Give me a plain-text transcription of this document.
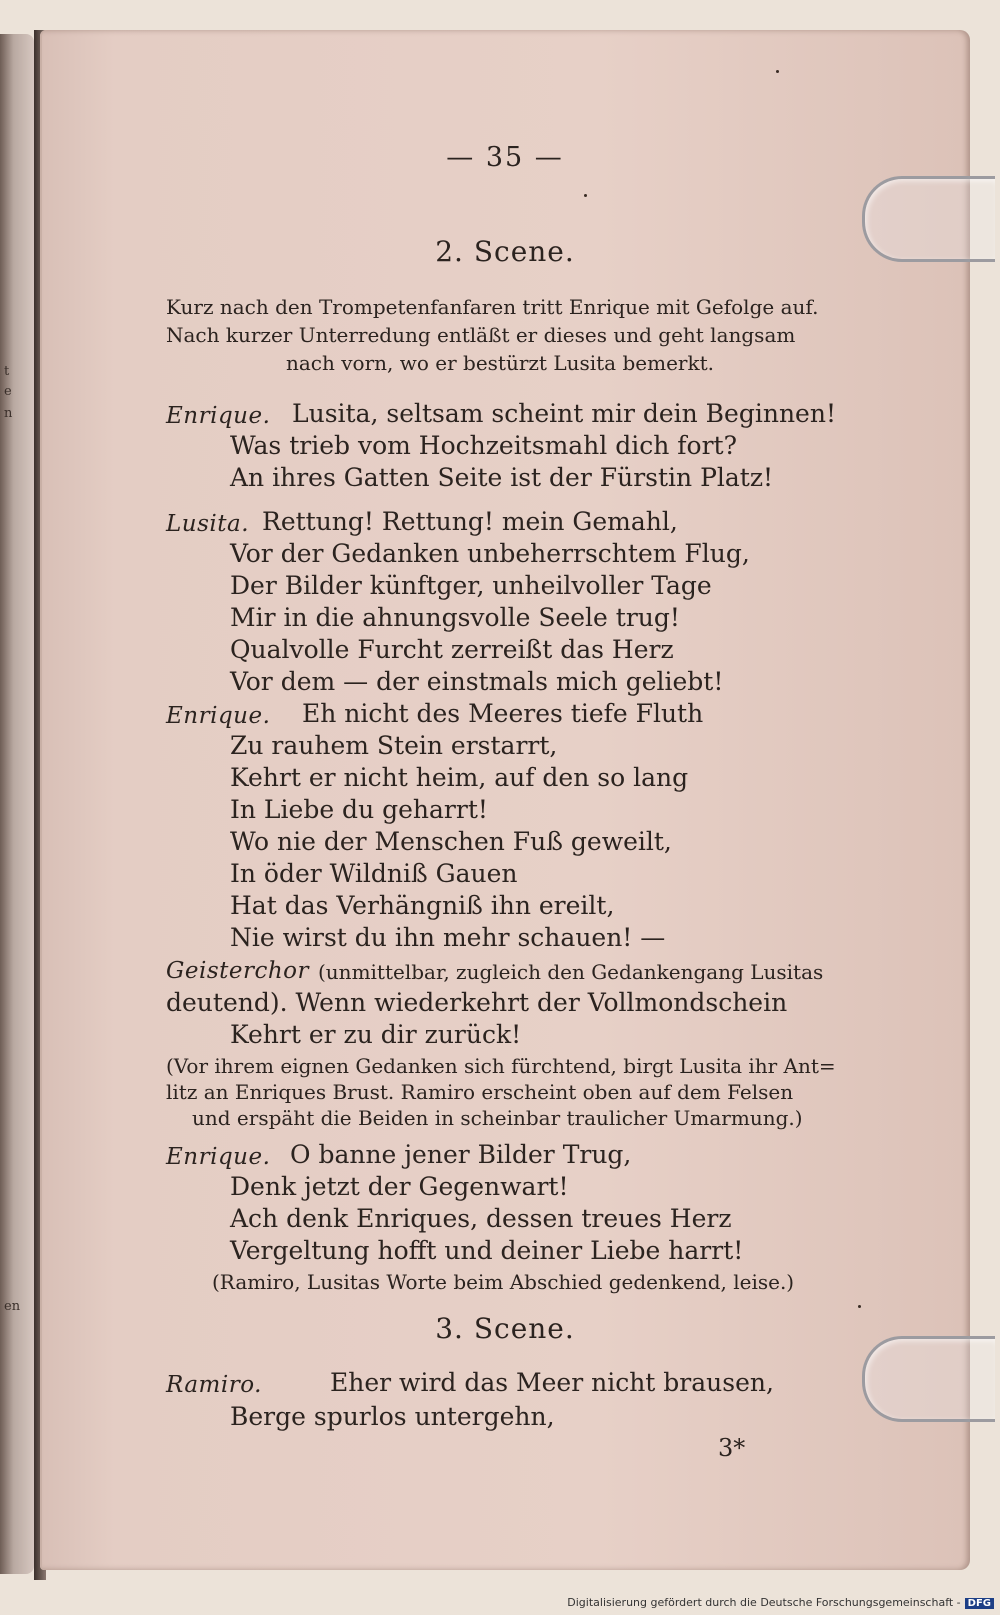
t
e
n
en
— 35 —
2. Scene.
Kurz nach den Trompetenfanfaren tritt Enrique mit Gefolge auf.
Nach kurzer Unterredung entläßt er dieses und geht langsam
nach vorn, wo er bestürzt Lusita bemerkt.
Enrique. Lusita, seltsam scheint mir dein Beginnen!
Was trieb vom Hochzeitsmahl dich fort?
An ihres Gatten Seite ist der Fürstin Platz!
Lusita. Rettung! Rettung! mein Gemahl,
Vor der Gedanken unbeherrschtem Flug,
Der Bilder künftger, unheilvoller Tage
Mir in die ahnungsvolle Seele trug!
Qualvolle Furcht zerreißt das Herz
Vor dem — der einstmals mich geliebt!
Enrique. Eh nicht des Meeres tiefe Fluth
Zu rauhem Stein erstarrt,
Kehrt er nicht heim, auf den so lang
In Liebe du geharrt!
Wo nie der Menschen Fuß geweilt,
In öder Wildniß Gauen
Hat das Verhängniß ihn ereilt,
Nie wirst du ihn mehr schauen! —
Geisterchor (unmittelbar, zugleich den Gedankengang Lusitas
deutend). Wenn wiederkehrt der Vollmondschein
Kehrt er zu dir zurück!
(Vor ihrem eignen Gedanken sich fürchtend, birgt Lusita ihr Ant=
litz an Enriques Brust. Ramiro erscheint oben auf dem Felsen
und erspäht die Beiden in scheinbar traulicher Umarmung.)
Enrique. O banne jener Bilder Trug,
Denk jetzt der Gegenwart!
Ach denk Enriques, dessen treues Herz
Vergeltung hofft und deiner Liebe harrt!
(Ramiro, Lusitas Worte beim Abschied gedenkend, leise.)
3. Scene.
Ramiro.	Eher wird das Meer nicht brausen,
Berge spurlos untergehn,
3*
Digitalisierung gefördert durch die Deutsche Forschungsgemeinschaft - DFG
